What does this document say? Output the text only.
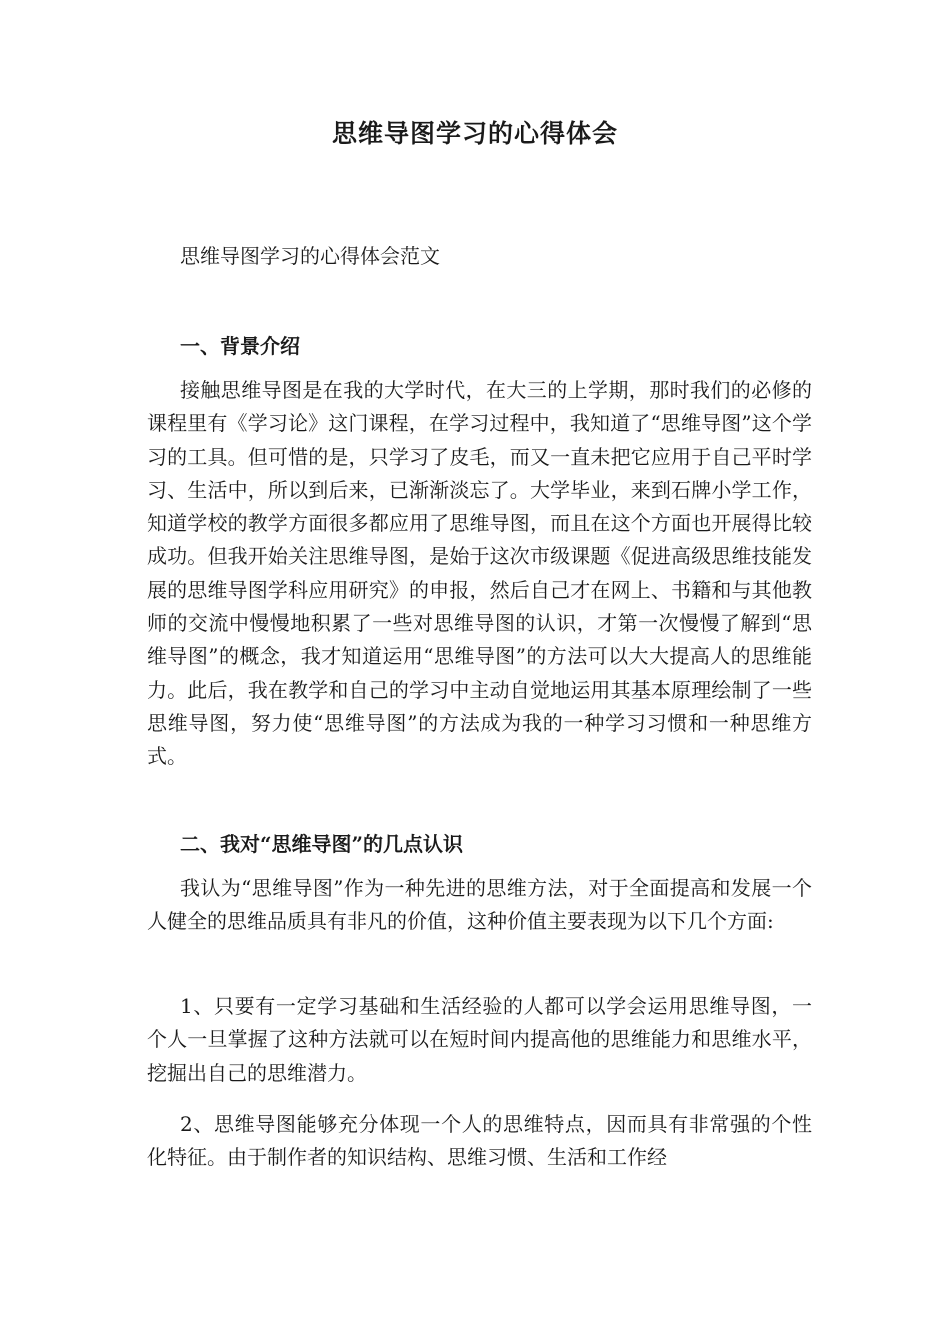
思维导图学习的心得体会

思维导图学习的心得体会范文

一、背景介绍

接触思维导图是在我的大学时代，在大三的上学期，那时我们的必修的课程里有《学习论》这门课程，在学习过程中，我知道了“思维导图”这个学习的工具。但可惜的是，只学习了皮毛，而又一直未把它应用于自己平时学习、生活中，所以到后来，已渐渐淡忘了。大学毕业，来到石牌小学工作，知道学校的教学方面很多都应用了思维导图，而且在这个方面也开展得比较成功。但我开始关注思维导图，是始于这次市级课题《促进高级思维技能发展的思维导图学科应用研究》的申报，然后自己才在网上、书籍和与其他教师的交流中慢慢地积累了一些对思维导图的认识，才第一次慢慢了解到“思维导图”的概念，我才知道运用“思维导图”的方法可以大大提高人的思维能力。此后，我在教学和自己的学习中主动自觉地运用其基本原理绘制了一些思维导图，努力使“思维导图”的方法成为我的一种学习习惯和一种思维方式。

二、我对“思维导图”的几点认识

我认为“思维导图”作为一种先进的思维方法，对于全面提高和发展一个人健全的思维品质具有非凡的价值，这种价值主要表现为以下几个方面:

1、只要有一定学习基础和生活经验的人都可以学会运用思维导图，一个人一旦掌握了这种方法就可以在短时间内提高他的思维能力和思维水平，挖掘出自己的思维潜力。

2、思维导图能够充分体现一个人的思维特点，因而具有非常强的个性化特征。由于制作者的知识结构、思维习惯、生活和工作经
